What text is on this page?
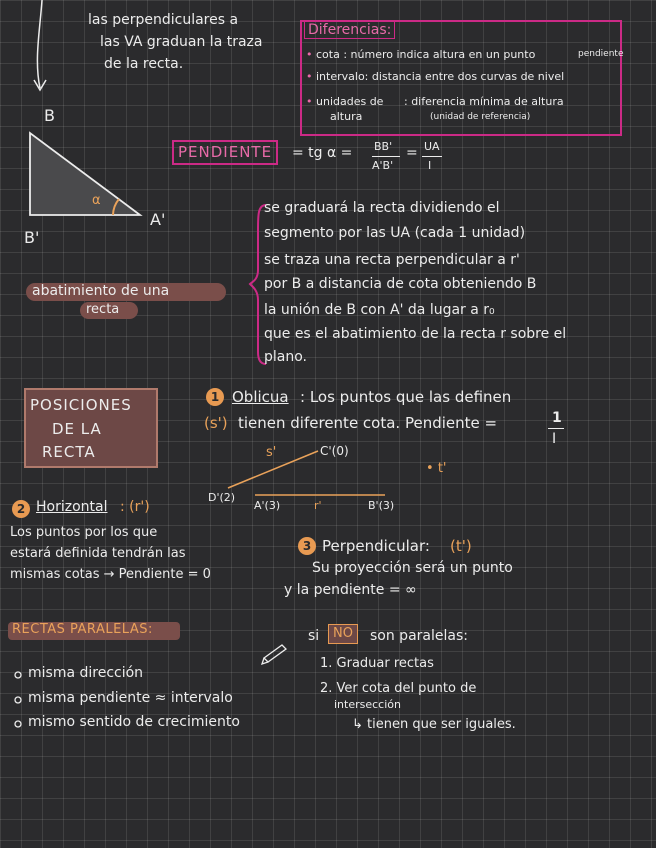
las perpendiculares a
las VA graduan la traza
de la recta.
B
B'
A'
α
Diferencias:
• cota : número indica altura en un punto	pendiente
• intervalo: distancia entre dos curvas de nivel
• unidades de
altura
: diferencia mínima de altura
(unidad de referencia)
PENDIENTE	= tg α = BB'
A'B'
= UA
I
abatimiento de una
recta
se graduará la recta dividiendo el
segmento por las UA (cada 1 unidad)
se traza una recta perpendicular a r'
por B a distancia de cota obteniendo B
la unión de B con A' da lugar a r₀
que es el abatimiento de la recta r sobre el
plano.
POSICIONES
DE LA
RECTA
1 Oblicua : Los puntos que las definen
(s') tienen diferente cota. Pendiente =	1
I
s'	C'(0)
• t'
D'(2)
A'(3)	r'	B'(3)
2 Horizontal : (r')
Los puntos por los que
estará definida tendrán las
mismas cotas → Pendiente = 0
3 Perpendicular: (t')
Su proyección será un punto
y la pendiente = ∞
RECTAS PARALELAS:
misma dirección
misma pendiente ≈ intervalo
mismo sentido de crecimiento
si	NO	son paralelas:
1. Graduar rectas
2. Ver cota del punto de
intersección
↳ tienen que ser iguales.
